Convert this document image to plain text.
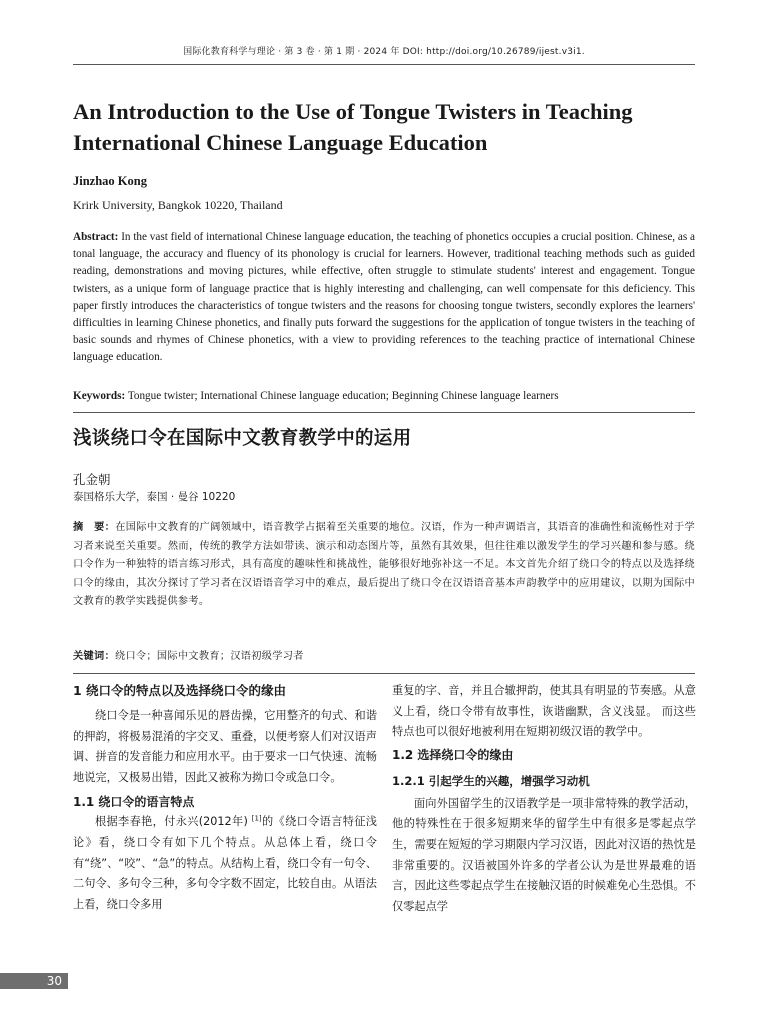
国际化教育科学与理论 · 第 3 卷 · 第 1 期 · 2024 年 DOI: http://doi.org/10.26789/ijest.v3i1.
An Introduction to the Use of Tongue Twisters in Teaching International Chinese Language Education
Jinzhao Kong
Krirk University, Bangkok 10220, Thailand

Abstract: In the vast field of international Chinese language education, the teaching of phonetics occupies a crucial position. Chinese, as a tonal language, the accuracy and fluency of its phonology is crucial for learners. However, traditional teaching methods such as guided reading, demonstrations and moving pictures, while effective, often struggle to stimulate students' interest and engagement. Tongue twisters, as a unique form of language practice that is highly interesting and challenging, can well compensate for this deficiency. This paper firstly introduces the characteristics of tongue twisters and the reasons for choosing tongue twisters, secondly explores the learners' difficulties in learning Chinese phonetics, and finally puts forward the suggestions for the application of tongue twisters in the teaching of basic sounds and rhymes of Chinese phonetics, with a view to providing references to the teaching practice of international Chinese language education.

Keywords: Tongue twister; International Chinese language education; Beginning Chinese language learners
浅谈绕口令在国际中文教育教学中的运用
孔金朝
泰国格乐大学，泰国 · 曼谷 10220

摘　要：在国际中文教育的广阔领域中，语音教学占据着至关重要的地位。汉语，作为一种声调语言，其语音的准确性和流畅性对于学习者来说至关重要。然而，传统的教学方法如带读、演示和动态图片等，虽然有其效果，但往往难以激发学生的学习兴趣和参与感。绕口令作为一种独特的语言练习形式，具有高度的趣味性和挑战性，能够很好地弥补这一不足。本文首先介绍了绕口令的特点以及选择绕口令的缘由，其次分探讨了学习者在汉语语音学习中的难点，最后提出了绕口令在汉语语音基本声韵教学中的应用建议，以期为国际中文教育的教学实践提供参考。

关键词：绕口令；国际中文教育；汉语初级学习者
1 绕口令的特点以及选择绕口令的缘由

绕口令是一种喜闻乐见的唇齿操，它用整齐的句式、和谐的押韵，将极易混淆的字交叉、重叠，以便考察人们对汉语声调、拼音的发音能力和应用水平。由于要求一口气快速、流畅地说完，又极易出错，因此又被称为拗口令或急口令。

1.1 绕口令的语言特点

根据李春艳，付永兴(2012年) [1]的《绕口令语言特征浅论》看，绕口令有如下几个特点。从总体上看，绕口令有“绕”、“咬”、“急”的特点。从结构上看，绕口令有一句令、二句令、多句令三种，多句令字数不固定，比较自由。从语法上看，绕口令多用

重复的字、音，并且合辙押韵，使其具有明显的节奏感。从意义上看，绕口令带有故事性，诙谐幽默，含义浅显。 而这些特点也可以很好地被利用在短期初级汉语的教学中。

1.2 选择绕口令的缘由
1.2.1 引起学生的兴趣，增强学习动机

面向外国留学生的汉语教学是一项非常特殊的教学活动，他的特殊性在于很多短期来华的留学生中有很多是零起点学生，需要在短短的学习期限内学习汉语，因此对汉语的热忱是非常重要的。汉语被国外许多的学者公认为是世界最难的语言，因此这些零起点学生在接触汉语的时候难免心生恐惧。不仅零起点学

30
